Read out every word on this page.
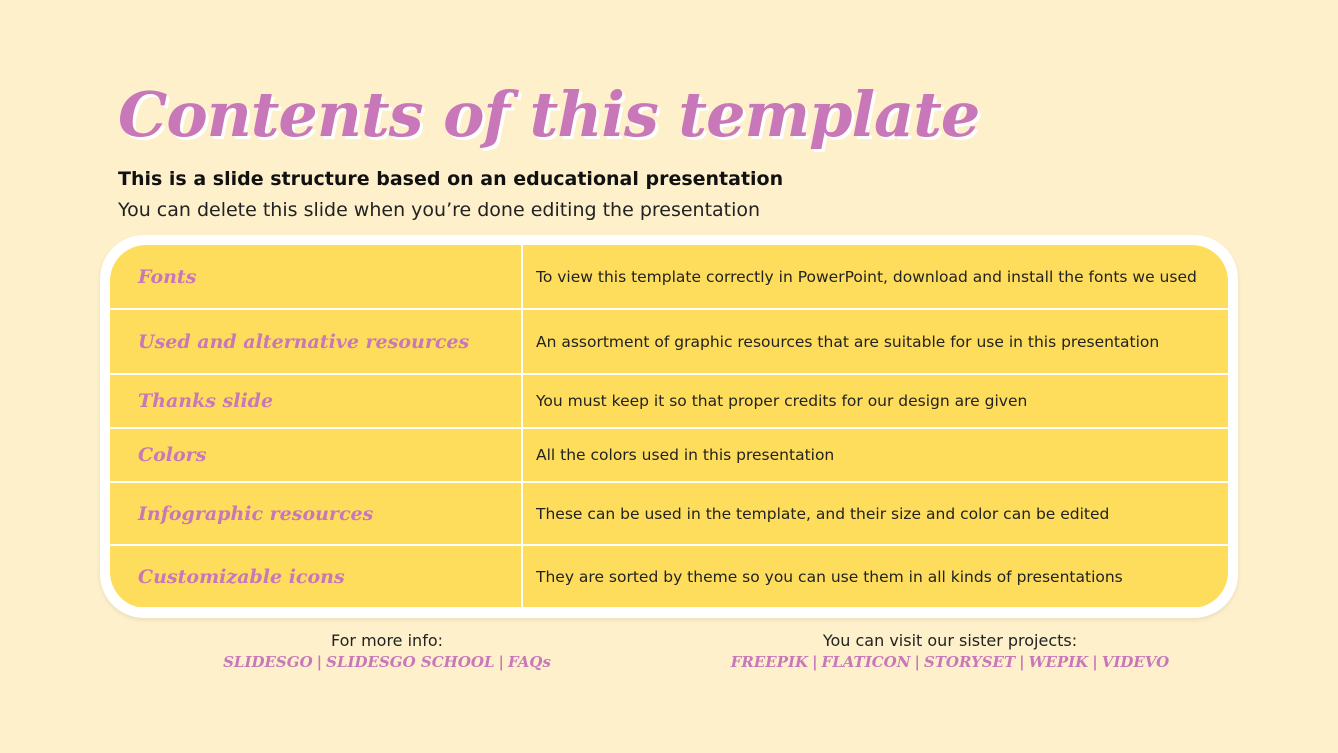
Contents of this template
This is a slide structure based on an educational presentation
You can delete this slide when you’re done editing the presentation
Fonts	To view this template correctly in PowerPoint, download and install the fonts we used
Used and alternative resources	An assortment of graphic resources that are suitable for use in this presentation
Thanks slide	You must keep it so that proper credits for our design are given
Colors	All the colors used in this presentation
Infographic resources	These can be used in the template, and their size and color can be edited
Customizable icons	They are sorted by theme so you can use them in all kinds of presentations
For more info:
SLIDESGO | SLIDESGO SCHOOL | FAQs
You can visit our sister projects:
FREEPIK | FLATICON | STORYSET | WEPIK | VIDEVO
